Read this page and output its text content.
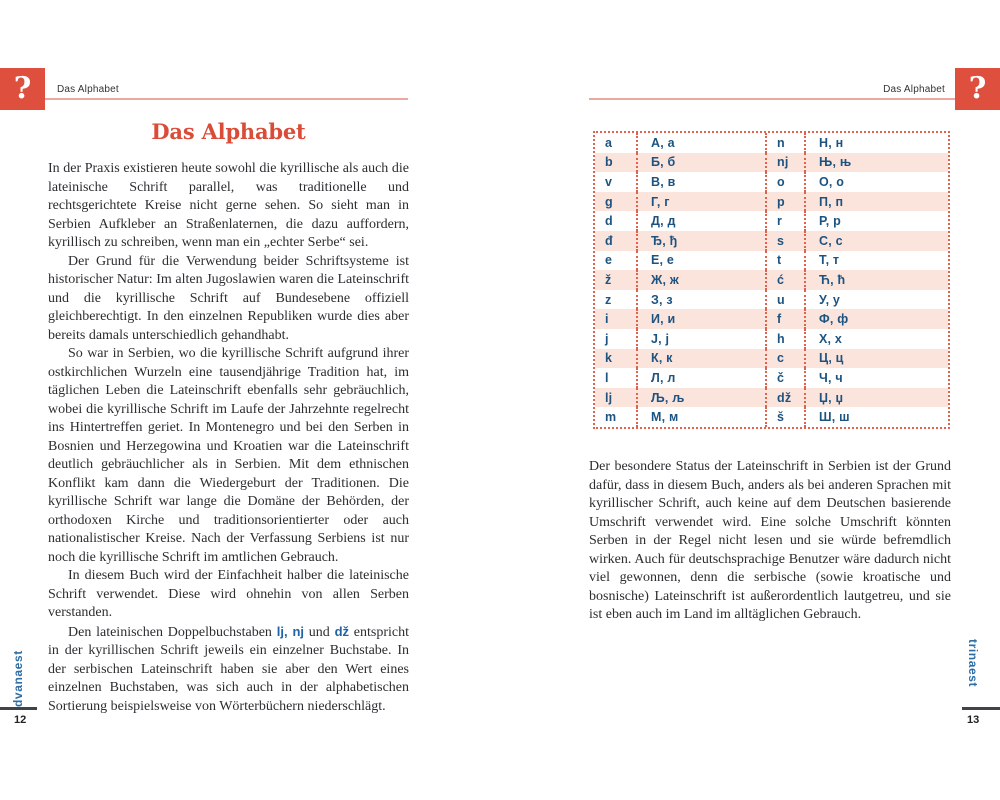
?	Das Alphabet
Das Alphabet

In der Praxis existieren heute sowohl die kyrillische als auch die lateinische Schrift parallel, was traditionelle und rechtsgerichtete Kreise nicht gerne sehen. So sieht man in Serbien Aufkleber an Straßenlaternen, die dazu auffordern, kyrillisch zu schreiben, wenn man ein „echter Serbe“ sei.

Der Grund für die Verwendung beider Schriftsysteme ist historischer Natur: Im alten Jugoslawien waren die Lateinschrift und die kyrillische Schrift auf Bundesebene offiziell gleichberechtigt. In den einzelnen Republiken wurde dies aber bereits damals unterschiedlich gehandhabt.

So war in Serbien, wo die kyrillische Schrift aufgrund ihrer ostkirchlichen Wurzeln eine tausendjährige Tradition hat, im täglichen Leben die Lateinschrift ebenfalls sehr gebräuchlich, wobei die kyrillische Schrift im Laufe der Jahrzehnte regelrecht ins Hintertreffen geriet. In Montenegro und bei den Serben in Bosnien und Herzegowina und Kroatien war die Lateinschrift deutlich gebräuchlicher als in Serbien. Mit dem ethnischen Konflikt kam dann die Wiedergeburt der Traditionen. Die kyrillische Schrift war lange die Domäne der Behörden, der orthodoxen Kirche und traditionsorientierter oder auch nationalistischer Kreise. Nach der Verfassung Serbiens ist nur noch die kyrillische Schrift im amtlichen Gebrauch.

In diesem Buch wird der Einfachheit halber die lateinische Schrift verwendet. Diese wird ohnehin von allen Serben verstanden.

Den lateinischen Doppelbuchstaben lj, nj und dž entspricht in der kyrillischen Schrift jeweils ein einzelner Buchstabe. In der serbischen Lateinschrift haben sie aber den Wert eines einzelnen Buchstaben, was sich auch in der alphabetischen Sortierung beispielsweise von Wörterbüchern niederschlägt.

dvanaest
12
Das Alphabet ?
a	А, а	n	Н, н
b	Б, б	nj	Њ, њ
v	В, в	o	О, о
g	Г, г	p	П, п
d	Д, д	r	Р, р
đ	Ђ, ђ	s	С, с
e	Е, е	t	Т, т
ž	Ж, ж	ć	Ћ, ћ
z	З, з	u	У, у
i	И, и	f	Ф, ф
j	J, j	h	Х, х
k	К, к	c	Ц, ц
l	Л, л	č	Ч, ч
lj	Љ, љ	dž	Џ, џ
m	М, м	š	Ш, ш

Der besondere Status der Lateinschrift in Serbien ist der Grund dafür, dass in diesem Buch, anders als bei anderen Sprachen mit kyrillischer Schrift, auch keine auf dem Deutschen basierende Umschrift verwendet wird. Eine solche Umschrift könnten Serben in der Regel nicht lesen und sie würde befremdlich wirken. Auch für deutschsprachige Benutzer wäre dadurch nicht viel gewonnen, denn die serbische (sowie kroatische und bosnische) Lateinschrift ist außerordentlich lautgetreu, und sie ist eben auch im Land im alltäglichen Gebrauch.

trinaest
13
